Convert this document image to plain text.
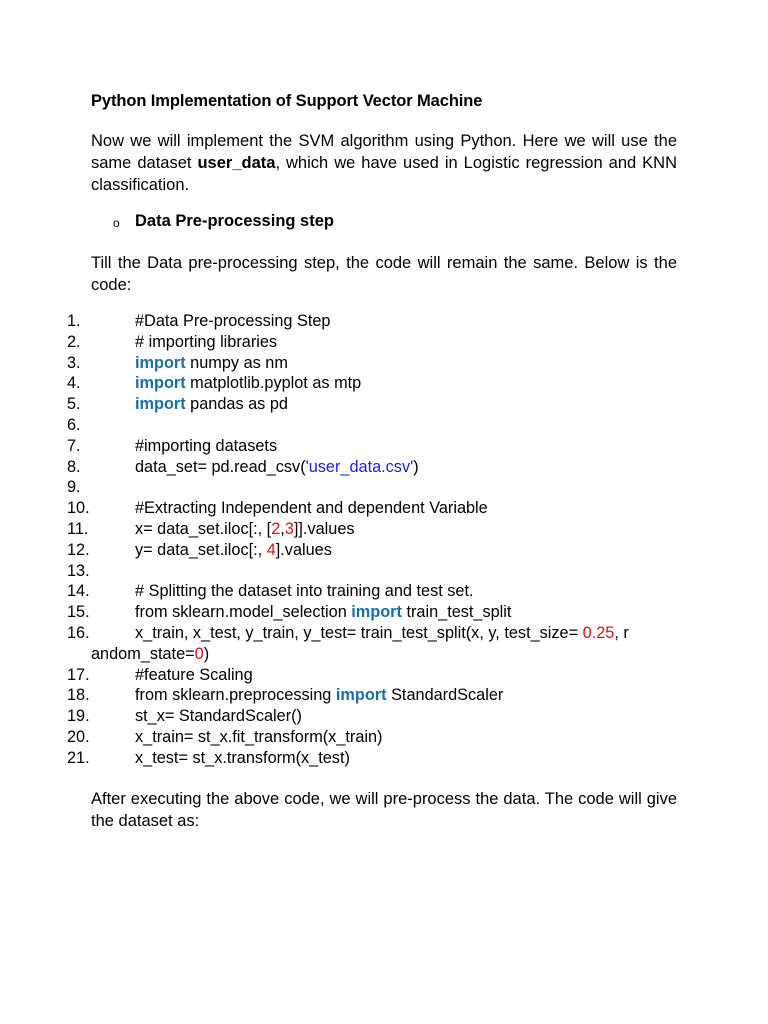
Python Implementation of Support Vector Machine
Now we will implement the SVM algorithm using Python. Here we will use the same dataset user_data, which we have used in Logistic regression and KNN classification.
o Data Pre-processing step
Till the Data pre-processing step, the code will remain the same. Below is the code:
1.	#Data Pre-processing Step
2.	# importing libraries
3.	import numpy as nm
4.	import matplotlib.pyplot as mtp
5.	import pandas as pd
6.
7.	#importing datasets
8.	data_set= pd.read_csv('user_data.csv')
9.
10.	#Extracting Independent and dependent Variable
11.	x= data_set.iloc[:, [2,3]].values
12.	y= data_set.iloc[:, 4].values
13.
14.	# Splitting the dataset into training and test set.
15.	from sklearn.model_selection import train_test_split
16.	x_train, x_test, y_train, y_test= train_test_split(x, y, test_size= 0.25, r
andom_state=0)
17.	#feature Scaling
18.	from sklearn.preprocessing import StandardScaler
19.	st_x= StandardScaler()
20.	x_train= st_x.fit_transform(x_train)
21.	x_test= st_x.transform(x_test)
After executing the above code, we will pre-process the data. The code will give the dataset as:
